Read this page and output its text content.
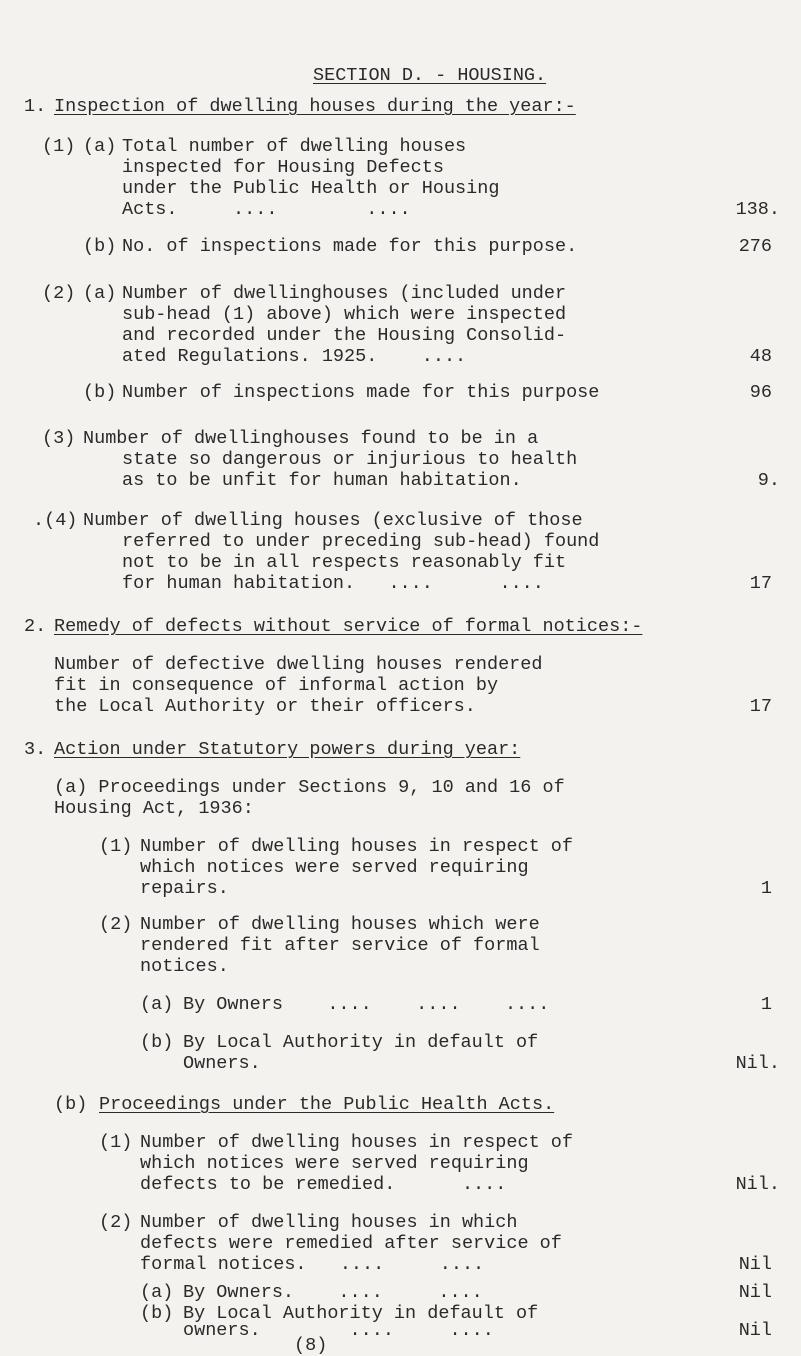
SECTION D. - HOUSING.
1. Inspection of dwelling houses during the year:-
(1) (a) Total number of dwelling houses
inspected for Housing Defects
under the Public Health or Housing
Acts.     ....        ....	138.
(b) No. of inspections made for this purpose.	276
(2) (a) Number of dwellinghouses (included under
sub-head (1) above) which were inspected
and recorded under the Housing Consolid-
ated Regulations. 1925.    ....	48
(b) Number of inspections made for this purpose	96
(3) Number of dwellinghouses found to be in a
state so dangerous or injurious to health
as to be unfit for human habitation.	9.
.(4) Number of dwelling houses (exclusive of those
referred to under preceding sub-head) found
not to be in all respects reasonably fit
for human habitation.   ....      ....	17
2. Remedy of defects without service of formal notices:-
Number of defective dwelling houses rendered
fit in consequence of informal action by
the Local Authority or their officers.	17
3. Action under Statutory powers during year:
(a) Proceedings under Sections 9, 10 and 16 of
Housing Act, 1936:
(1) Number of dwelling houses in respect of
which notices were served requiring
repairs.	1
(2) Number of dwelling houses which were
rendered fit after service of formal
notices.
(a) By Owners    ....    ....    ....	1
(b) By Local Authority in default of
Owners.	Nil.
(b) Proceedings under the Public Health Acts.
(1) Number of dwelling houses in respect of
which notices were served requiring
defects to be remedied.      ....	Nil.
(2) Number of dwelling houses in which
defects were remedied after service of
formal notices.   ....     ....	Nil
(a) By Owners.    ....     ....	Nil
(b) By Local Authority in default of
owners.        ....     ....	Nil
(8)
